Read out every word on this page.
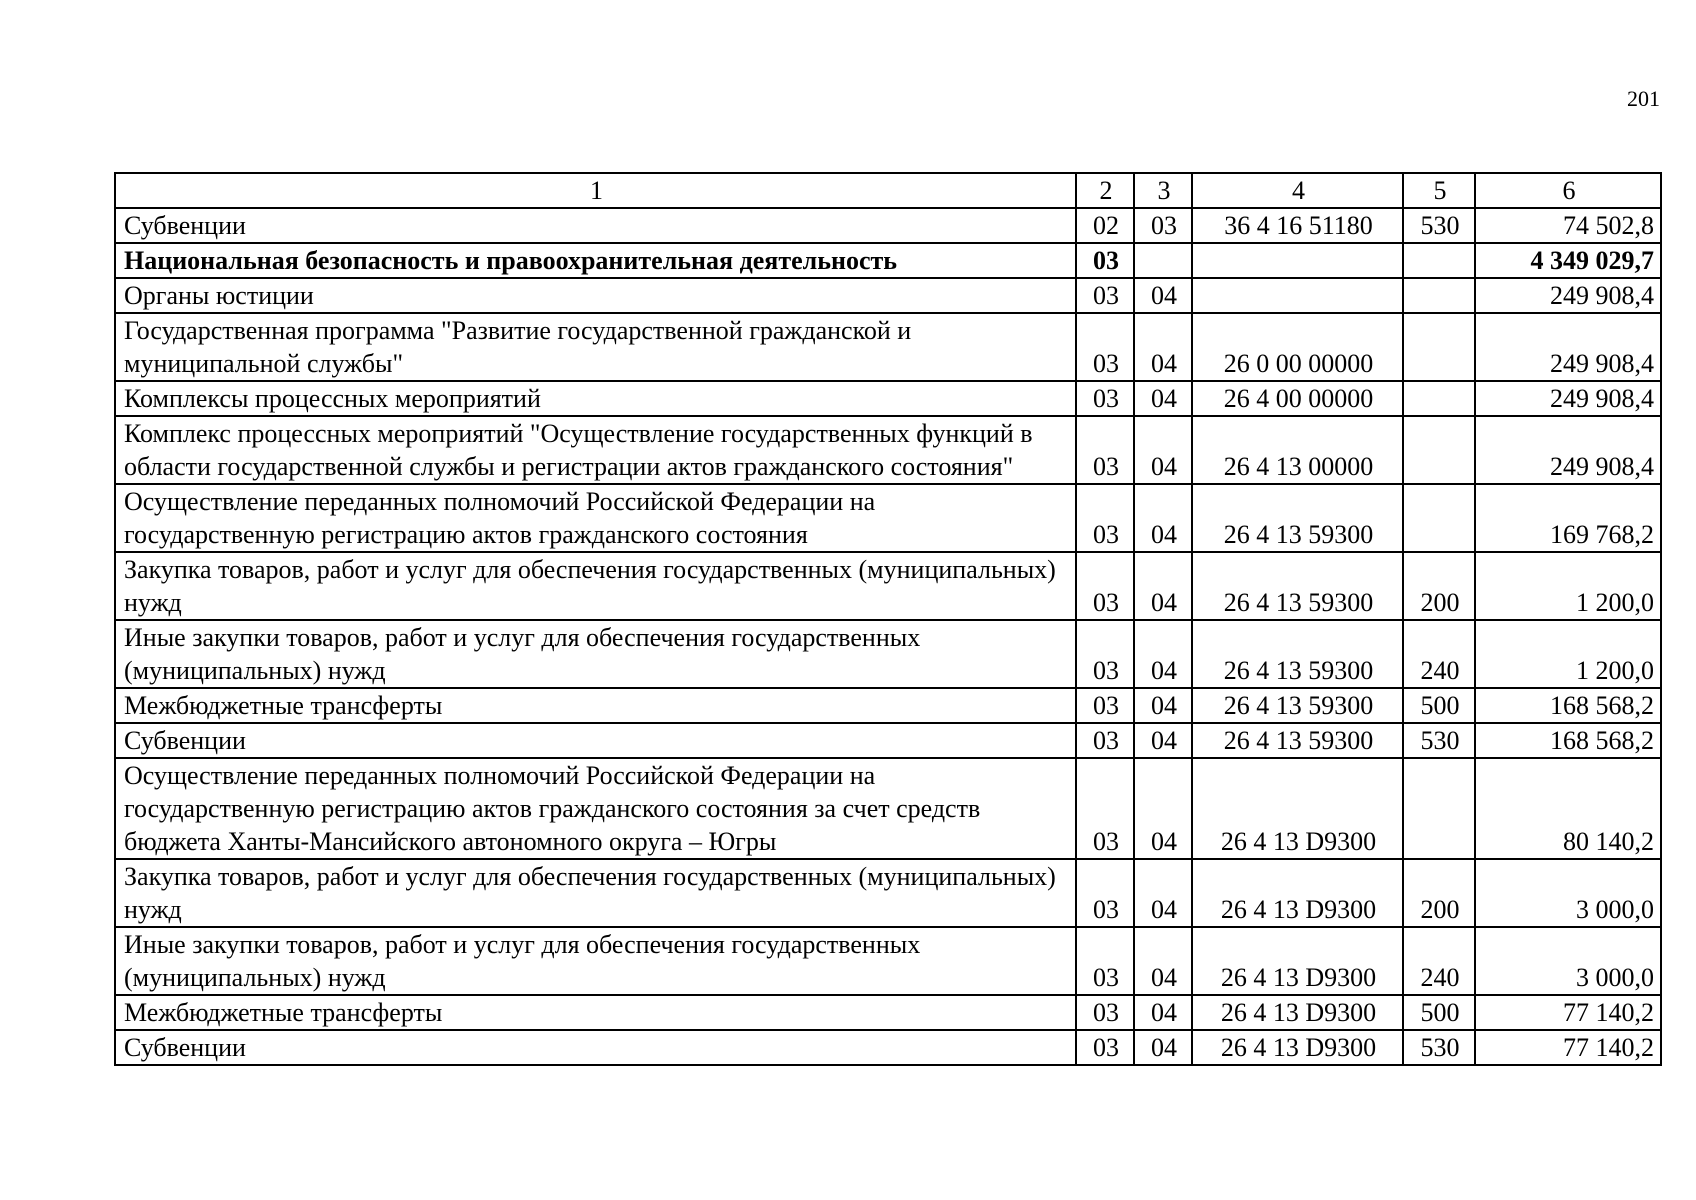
201
1	2	3	4	5	6
Субвенции	02	03	36 4 16 51180	530	74 502,8
Национальная безопасность и правоохранительная деятельность	03				4 349 029,7
Органы юстиции	03	04			249 908,4
Государственная программа "Развитие государственной гражданской и муниципальной службы"	03	04	26 0 00 00000		249 908,4
Комплексы процессных мероприятий	03	04	26 4 00 00000		249 908,4
Комплекс процессных мероприятий "Осуществление государственных функций в области государственной службы и регистрации актов гражданского состояния"	03	04	26 4 13 00000		249 908,4
Осуществление переданных полномочий Российской Федерации на государственную регистрацию актов гражданского состояния	03	04	26 4 13 59300		169 768,2
Закупка товаров, работ и услуг для обеспечения государственных (муниципальных) нужд	03	04	26 4 13 59300	200	1 200,0
Иные закупки товаров, работ и услуг для обеспечения государственных (муниципальных) нужд	03	04	26 4 13 59300	240	1 200,0
Межбюджетные трансферты	03	04	26 4 13 59300	500	168 568,2
Субвенции	03	04	26 4 13 59300	530	168 568,2
Осуществление переданных полномочий Российской Федерации на государственную регистрацию актов гражданского состояния за счет средств бюджета Ханты-Мансийского автономного округа – Югры	03	04	26 4 13 D9300		80 140,2
Закупка товаров, работ и услуг для обеспечения государственных (муниципальных) нужд	03	04	26 4 13 D9300	200	3 000,0
Иные закупки товаров, работ и услуг для обеспечения государственных (муниципальных) нужд	03	04	26 4 13 D9300	240	3 000,0
Межбюджетные трансферты	03	04	26 4 13 D9300	500	77 140,2
Субвенции	03	04	26 4 13 D9300	530	77 140,2
